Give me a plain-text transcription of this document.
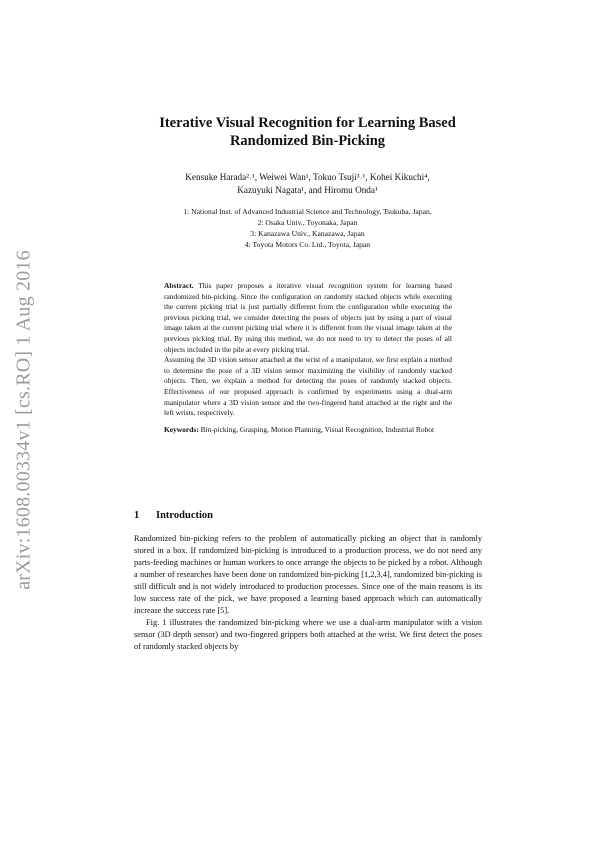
arXiv:1608.00334v1 [cs.RO] 1 Aug 2016
Iterative Visual Recognition for Learning Based
Randomized Bin-Picking
Kensuke Harada²˒¹, Weiwei Wan¹, Tokuo Tsuji³˒¹, Kohei Kikuchi⁴,
Kazuyuki Nagata¹, and Hiromu Onda¹
1: National Inst. of Advanced Industrial Science and Technology, Tsukuba, Japan,
2: Osaka Univ., Toyonaka, Japan
3: Kanazawa Univ., Kanazawa, Japan
4: Toyota Motors Co. Ltd., Toyota, Japan

Abstract. This paper proposes a iterative visual recognition system for learning based randomized bin-picking. Since the configuration on randomly stacked objects while executing the current picking trial is just partially different from the configuration while executing the previous picking trial, we consider detecting the poses of objects just by using a part of visual image taken at the current picking trial where it is different from the visual image taken at the previous picking trial. By using this method, we do not need to try to detect the poses of all objects included in the pile at every picking trial.

Assuming the 3D vision sensor attached at the wrist of a manipulator, we first explain a method to determine the pose of a 3D vision sensor maximizing the visibility of randomly stacked objects. Then, we explain a method for detecting the poses of randomly stacked objects. Effectiveness of our proposed approach is confirmed by experiments using a dual-arm manipulator where a 3D vision sensor and the two-fingered hand attached at the right and the left wrists, respectively.

Keywords: Bin-picking, Grasping, Motion Planning, Visual Recognition, Industrial Robot

1 Introduction

Randomized bin-picking refers to the problem of automatically picking an object that is randomly stored in a box. If randomized bin-picking is introduced to a production process, we do not need any parts-feeding machines or human workers to once arrange the objects to be picked by a robot. Although a number of researches have been done on randomized bin-picking [1,2,3,4], randomized bin-picking is still difficult and is not widely introduced to production processes. Since one of the main reasons is its low success rate of the pick, we have proposed a learning based approach which can automatically increase the success rate [5].

Fig. 1 illustrates the randomized bin-picking where we use a dual-arm manipulator with a vision sensor (3D depth sensor) and two-fingered grippers both attached at the wrist. We first detect the poses of randomly stacked objects by
